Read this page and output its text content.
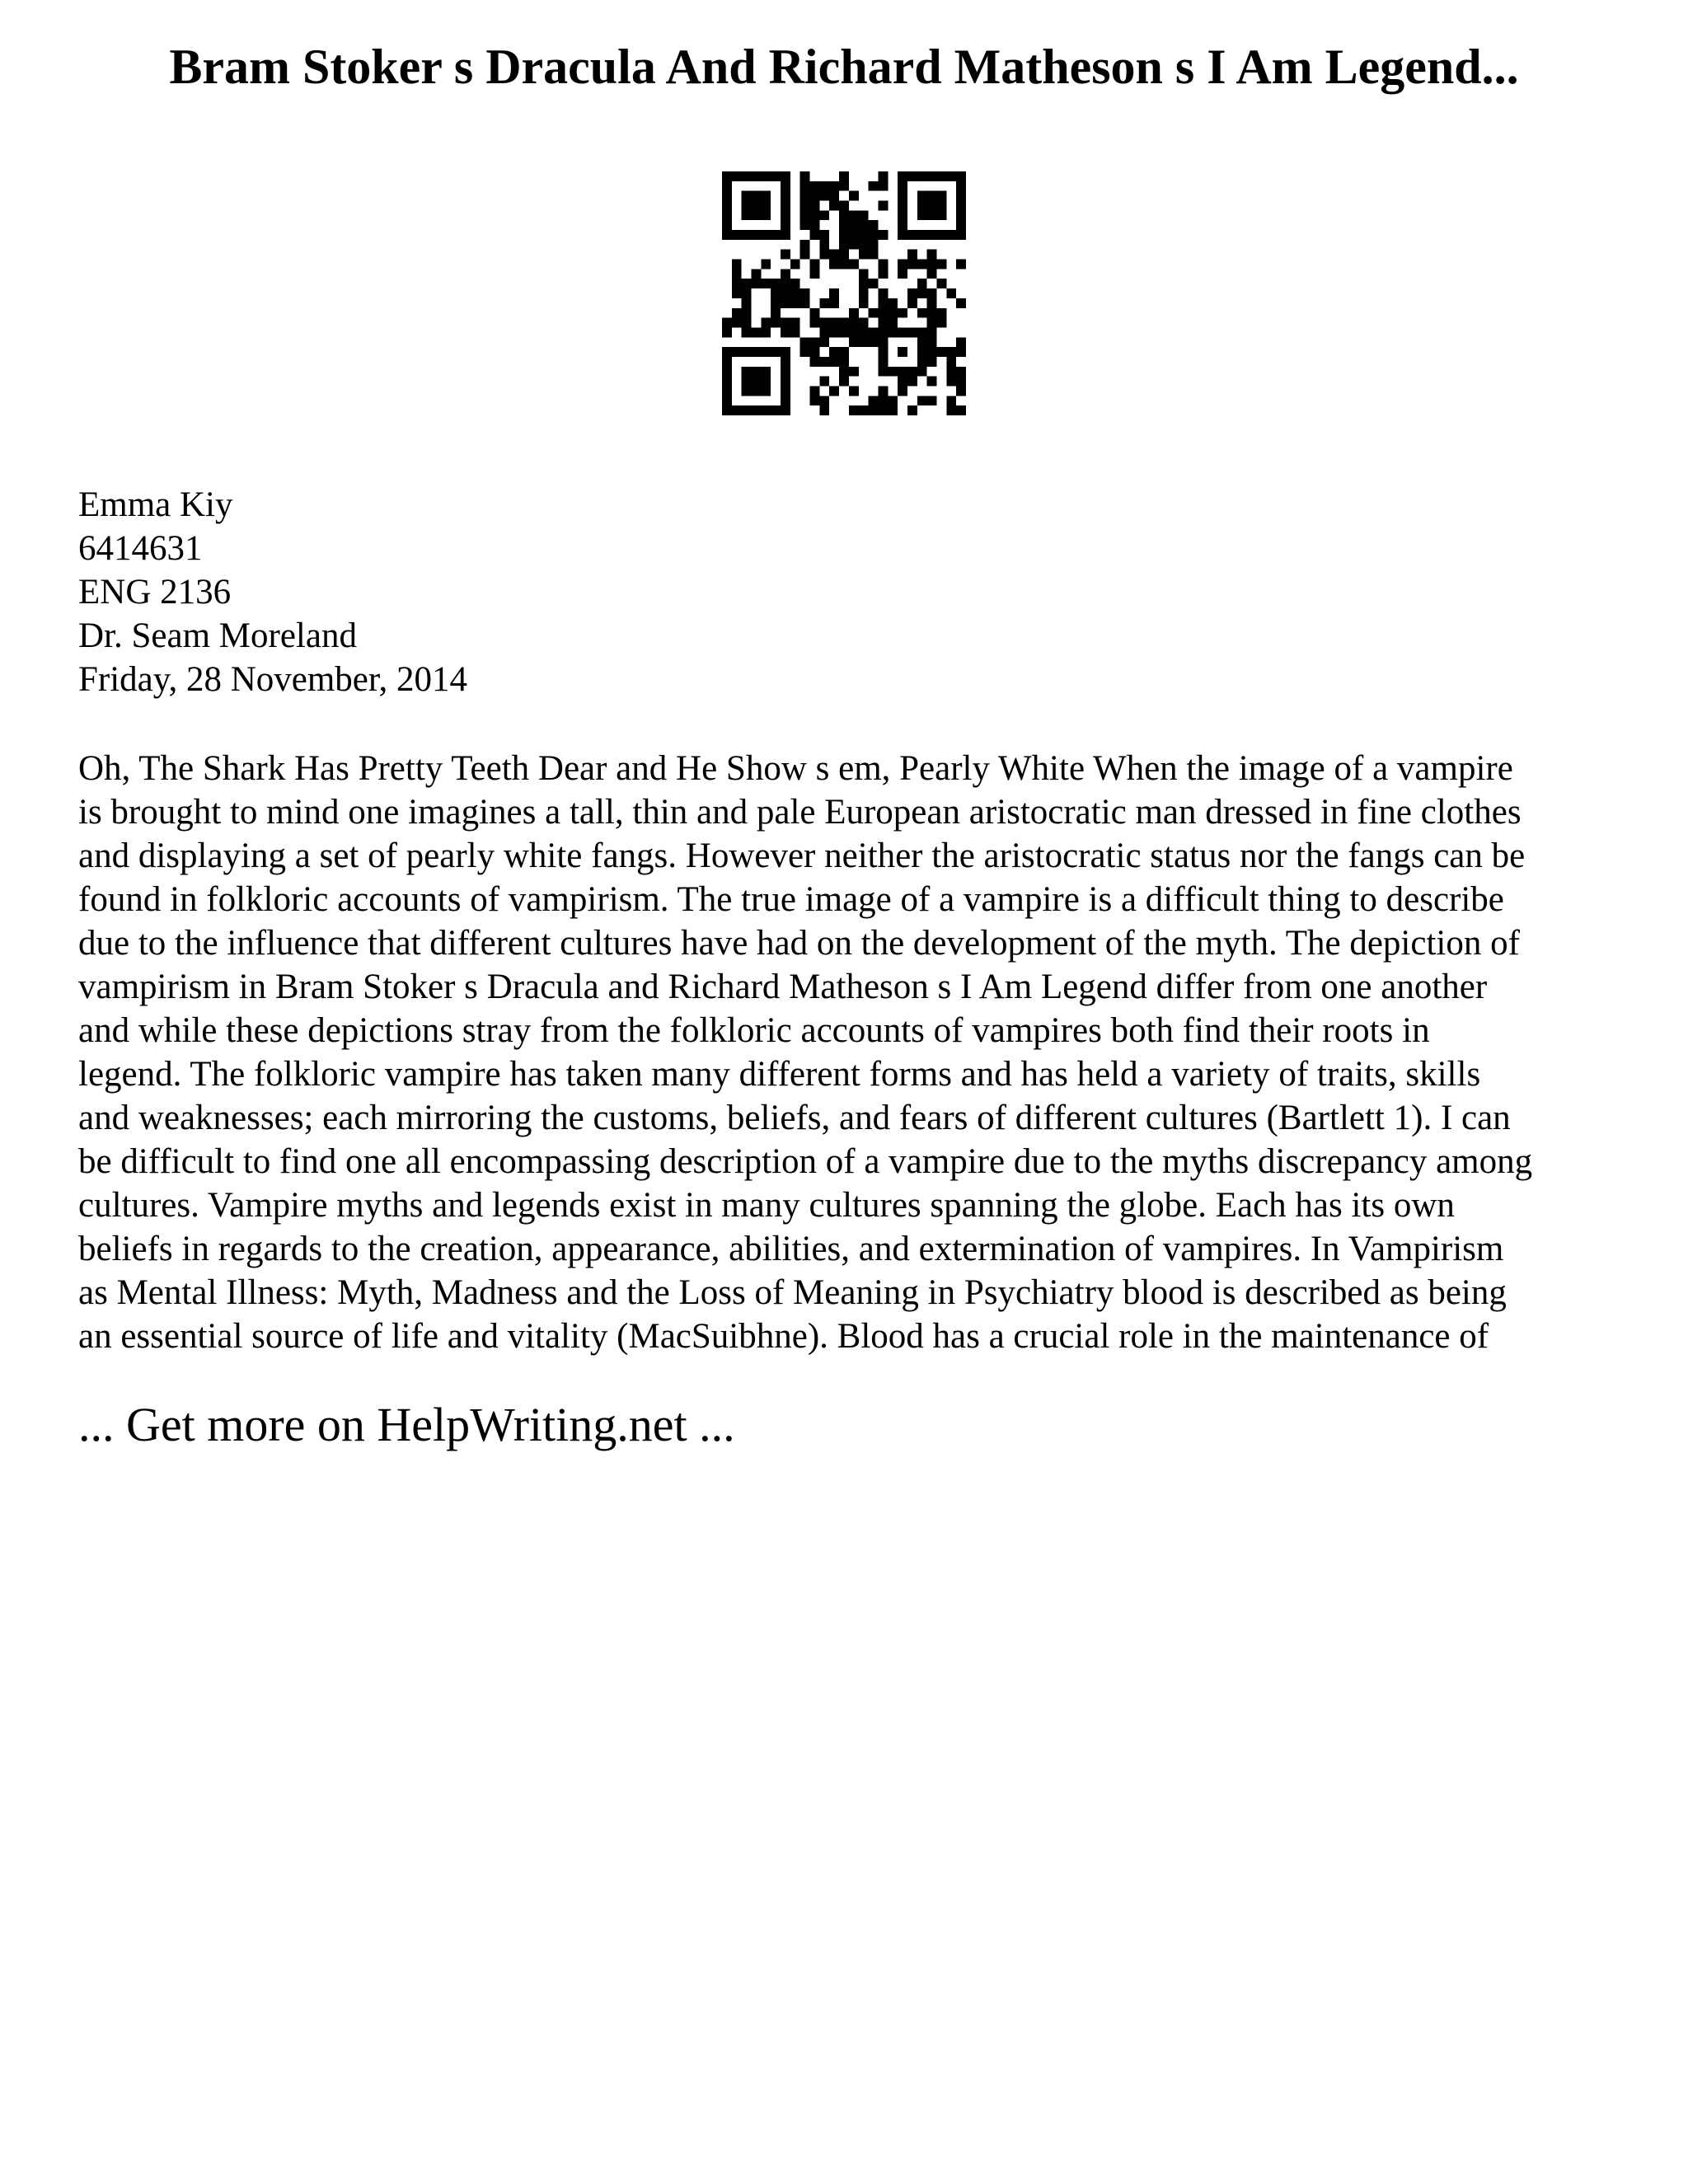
Bram Stoker s Dracula And Richard Matheson s I Am Legend...
Emma Kiy
6414631
ENG 2136
Dr. Seam Moreland
Friday, 28 November, 2014
Oh, The Shark Has Pretty Teeth Dear and He Show s em, Pearly White When the image of a vampire
is brought to mind one imagines a tall, thin and pale European aristocratic man dressed in fine clothes
and displaying a set of pearly white fangs. However neither the aristocratic status nor the fangs can be
found in folkloric accounts of vampirism. The true image of a vampire is a difficult thing to describe
due to the influence that different cultures have had on the development of the myth. The depiction of
vampirism in Bram Stoker s Dracula and Richard Matheson s I Am Legend differ from one another
and while these depictions stray from the folkloric accounts of vampires both find their roots in
legend. The folkloric vampire has taken many different forms and has held a variety of traits, skills
and weaknesses; each mirroring the customs, beliefs, and fears of different cultures (Bartlett 1). I can
be difficult to find one all encompassing description of a vampire due to the myths discrepancy among
cultures. Vampire myths and legends exist in many cultures spanning the globe. Each has its own
beliefs in regards to the creation, appearance, abilities, and extermination of vampires. In Vampirism
as Mental Illness: Myth, Madness and the Loss of Meaning in Psychiatry blood is described as being
an essential source of life and vitality (MacSuibhne). Blood has a crucial role in the maintenance of
... Get more on HelpWriting.net ...
